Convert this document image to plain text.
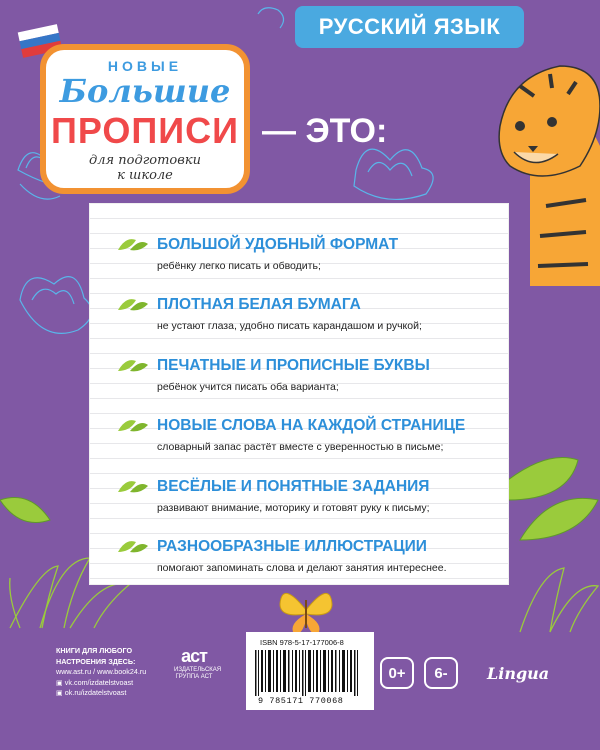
РУССКИЙ ЯЗЫК
НОВЫЕ
Большие
ПРОПИСИ
для подготовки
к школе
— ЭТО:
БОЛЬШОЙ УДОБНЫЙ ФОРМАТ
ребёнку легко писать и обводить;
ПЛОТНАЯ БЕЛАЯ БУМАГА
не устают глаза, удобно писать карандашом и ручкой;
ПЕЧАТНЫЕ И ПРОПИСНЫЕ БУКВЫ
ребёнок учится писать оба варианта;
НОВЫЕ СЛОВА НА КАЖДОЙ СТРАНИЦЕ
словарный запас растёт вместе с уверенностью в письме;
ВЕСЁЛЫЕ И ПОНЯТНЫЕ ЗАДАНИЯ
развивают внимание, моторику и готовят руку к письму;
РАЗНООБРАЗНЫЕ ИЛЛЮСТРАЦИИ
помогают запоминать слова и делают занятия интереснее.
КНИГИ ДЛЯ ЛЮБОГО
НАСТРОЕНИЯ ЗДЕСЬ:
www.ast.ru / www.book24.ru
▣ vk.com/izdatelstvoast
▣ ok.ru/izdatelstvoast
аст
ИЗДАТЕЛЬСКАЯ
ГРУППА АСТ
ISBN 978-5-17-177006-8
9 785171 770068
0+	6-	Lingua
